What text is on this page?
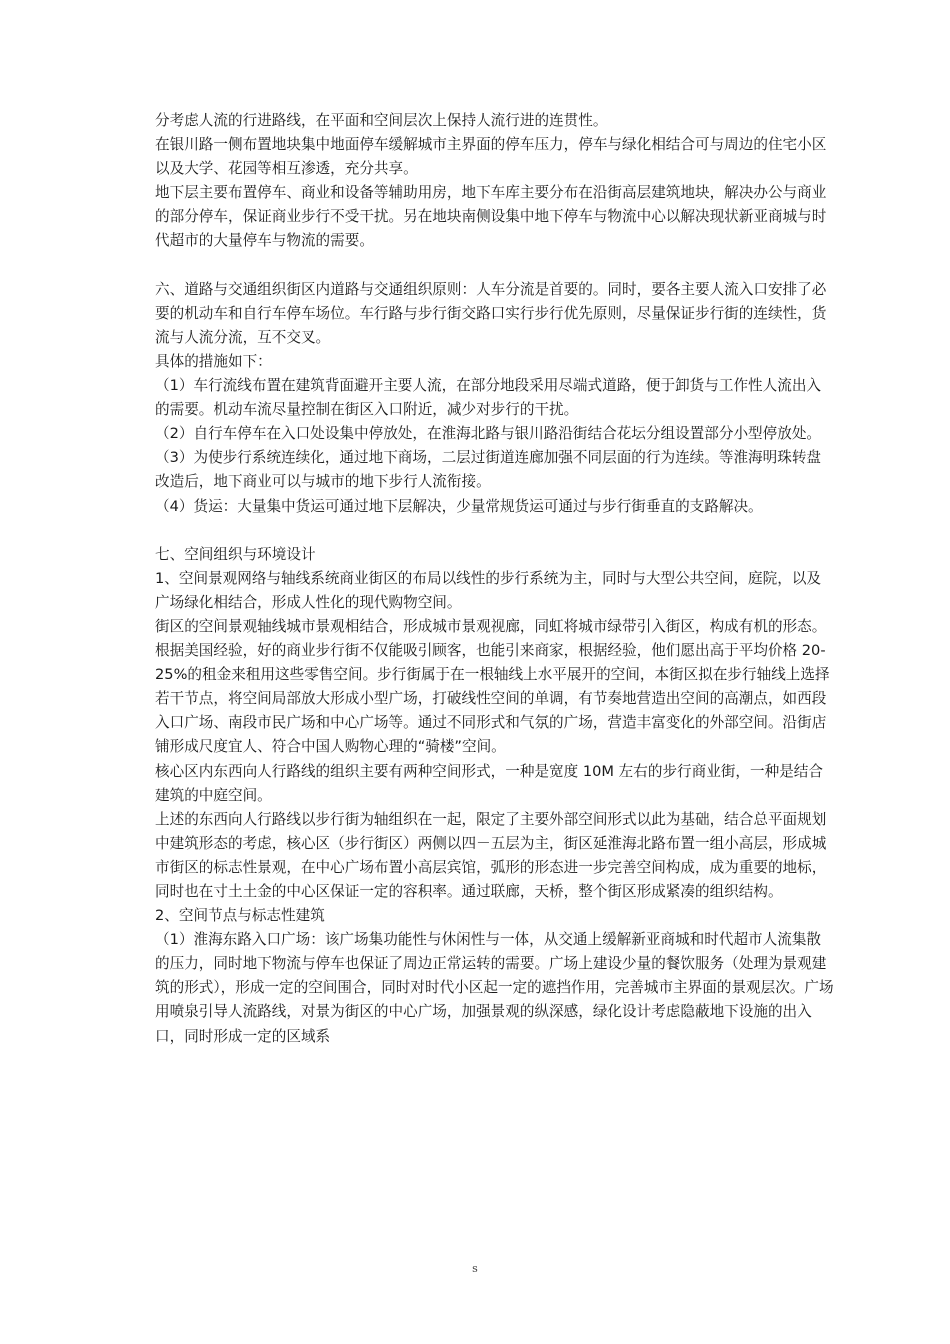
分考虑人流的行进路线，在平面和空间层次上保持人流行进的连贯性。

在银川路一侧布置地块集中地面停车缓解城市主界面的停车压力，停车与绿化相结合可与周边的住宅小区以及大学、花园等相互渗透，充分共享。

地下层主要布置停车、商业和设备等辅助用房，地下车库主要分布在沿街高层建筑地块，解决办公与商业的部分停车，保证商业步行不受干扰。另在地块南侧设集中地下停车与物流中心以解决现状新亚商城与时代超市的大量停车与物流的需要。

六、道路与交通组织街区内道路与交通组织原则：人车分流是首要的。同时，要各主要人流入口安排了必要的机动车和自行车停车场位。车行路与步行街交路口实行步行优先原则，尽量保证步行街的连续性，货流与人流分流，互不交叉。

具体的措施如下：

（1）车行流线布置在建筑背面避开主要人流，在部分地段采用尽端式道路，便于卸货与工作性人流出入的需要。机动车流尽量控制在街区入口附近，减少对步行的干扰。

（2）自行车停车在入口处设集中停放处，在淮海北路与银川路沿街结合花坛分组设置部分小型停放处。

（3）为使步行系统连续化，通过地下商场，二层过街道连廊加强不同层面的行为连续。等淮海明珠转盘改造后，地下商业可以与城市的地下步行人流衔接。

（4）货运：大量集中货运可通过地下层解决，少量常规货运可通过与步行街垂直的支路解决。

七、空间组织与环境设计

1、空间景观网络与轴线系统商业街区的布局以线性的步行系统为主，同时与大型公共空间，庭院，以及广场绿化相结合，形成人性化的现代购物空间。

街区的空间景观轴线城市景观相结合，形成城市景观视廊，同虹将城市绿带引入街区，构成有机的形态。根据美国经验，好的商业步行街不仅能吸引顾客，也能引来商家，根据经验，他们愿出高于平均价格 20-25%的租金来租用这些零售空间。步行街属于在一根轴线上水平展开的空间，本街区拟在步行轴线上选择若干节点，将空间局部放大形成小型广场，打破线性空间的单调，有节奏地营造出空间的高潮点，如西段入口广场、南段市民广场和中心广场等。通过不同形式和气氛的广场，营造丰富变化的外部空间。沿街店铺形成尺度宜人、符合中国人购物心理的“骑楼”空间。

核心区内东西向人行路线的组织主要有两种空间形式，一种是宽度 10M 左右的步行商业街，一种是结合建筑的中庭空间。

上述的东西向人行路线以步行街为轴组织在一起，限定了主要外部空间形式以此为基础，结合总平面规划中建筑形态的考虑，核心区（步行街区）两侧以四－五层为主，街区延淮海北路布置一组小高层，形成城市街区的标志性景观，在中心广场布置小高层宾馆，弧形的形态进一步完善空间构成，成为重要的地标，同时也在寸土土金的中心区保证一定的容积率。通过联廊，天桥，整个街区形成紧凑的组织结构。

2、空间节点与标志性建筑

（1）淮海东路入口广场：该广场集功能性与休闲性与一体，从交通上缓解新亚商城和时代超市人流集散的压力，同时地下物流与停车也保证了周边正常运转的需要。广场上建设少量的餐饮服务（处理为景观建筑的形式），形成一定的空间围合，同时对时代小区起一定的遮挡作用，完善城市主界面的景观层次。广场用喷泉引导人流路线，对景为街区的中心广场，加强景观的纵深感，绿化设计考虑隐蔽地下设施的出入口，同时形成一定的区域系

s
